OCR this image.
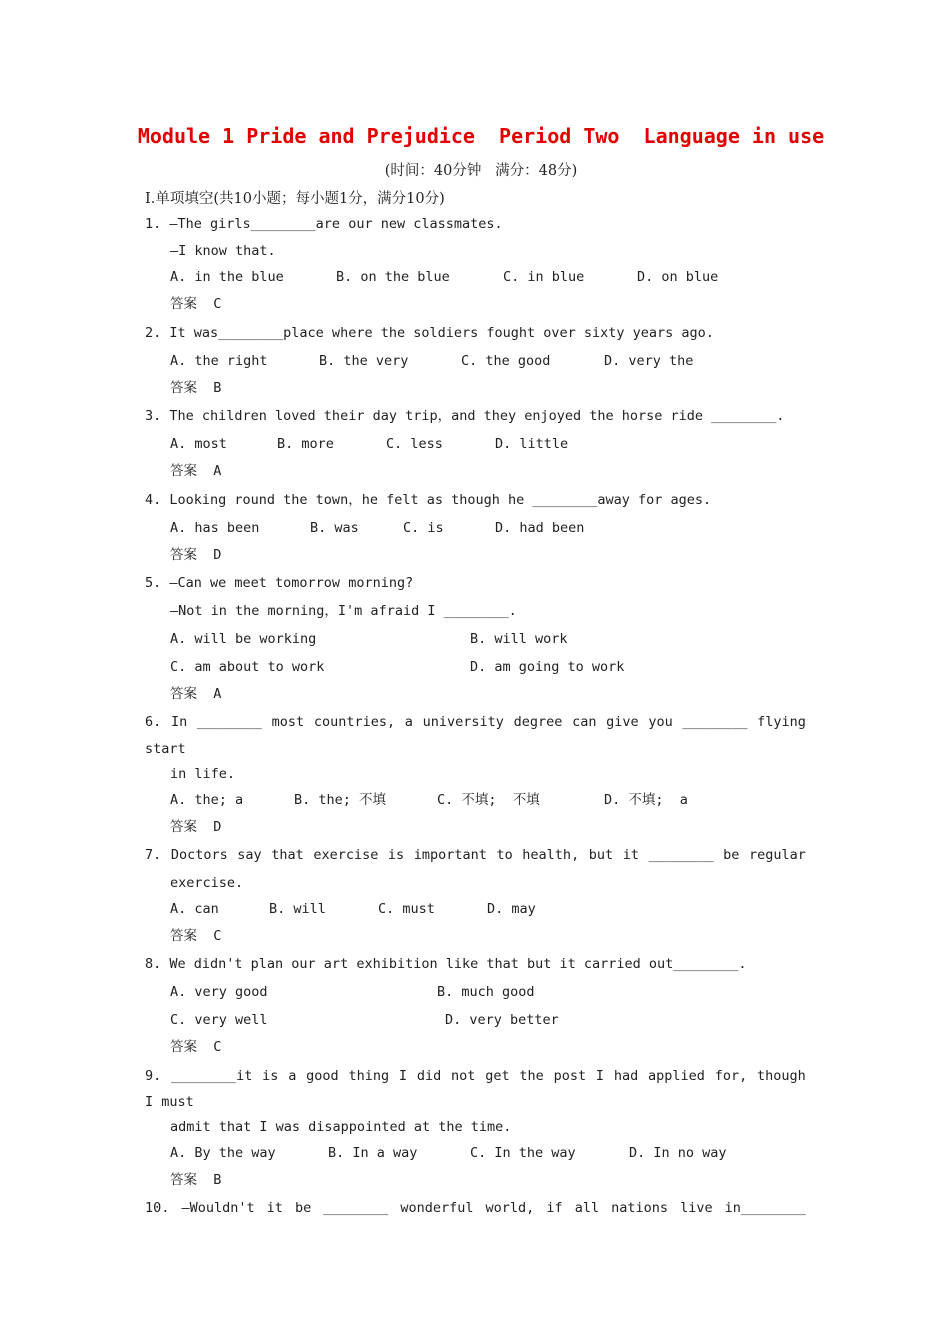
Module 1 Pride and Prejudice  Period Two  Language in use
(时间：40分钟   满分：48分)
Ⅰ.单项填空(共10小题；每小题1分，满分10分)
1. —The girls________are our new classmates.
—I know that.
A. in the blue	B. on the blue	C. in blue	D. on blue
答案  C
2. It was________place where the soldiers fought over sixty years ago.
A. the right	B. the very	C. the good	D. very the
答案  B
3. The children loved their day trip，and they enjoyed the horse ride ________.
A. most	B. more	C. less	D. little
答案  A
4. Looking round the town，he felt as though he ________away for ages.
A. has been	B. was	C. is	D. had been
答案  D
5. —Can we meet tomorrow morning?
—Not in the morning，I'm afraid I ________.
A. will be working	B. will work
C. am about to work	D. am going to work
答案  A
6. In ________ most countries, a university degree can give you ________ flying
start
in life.
A. the; a	B. the; 不填	C. 不填;  不填	D. 不填;  a
答案  D
7. Doctors say that exercise is important to health, but it ________ be regular
exercise.
A. can	B. will	C. must	D. may
答案  C
8. We didn't plan our art exhibition like that but it carried out________.
A. very good	B. much good
C. very well	D. very better
答案  C
9. ________it is a good thing I did not get the post I had applied for, though
I must
admit that I was disappointed at the time.
A. By the way	B. In a way	C. In the way	D. In no way
答案  B
10. —Wouldn't it be ________ wonderful world, if all nations live in________
